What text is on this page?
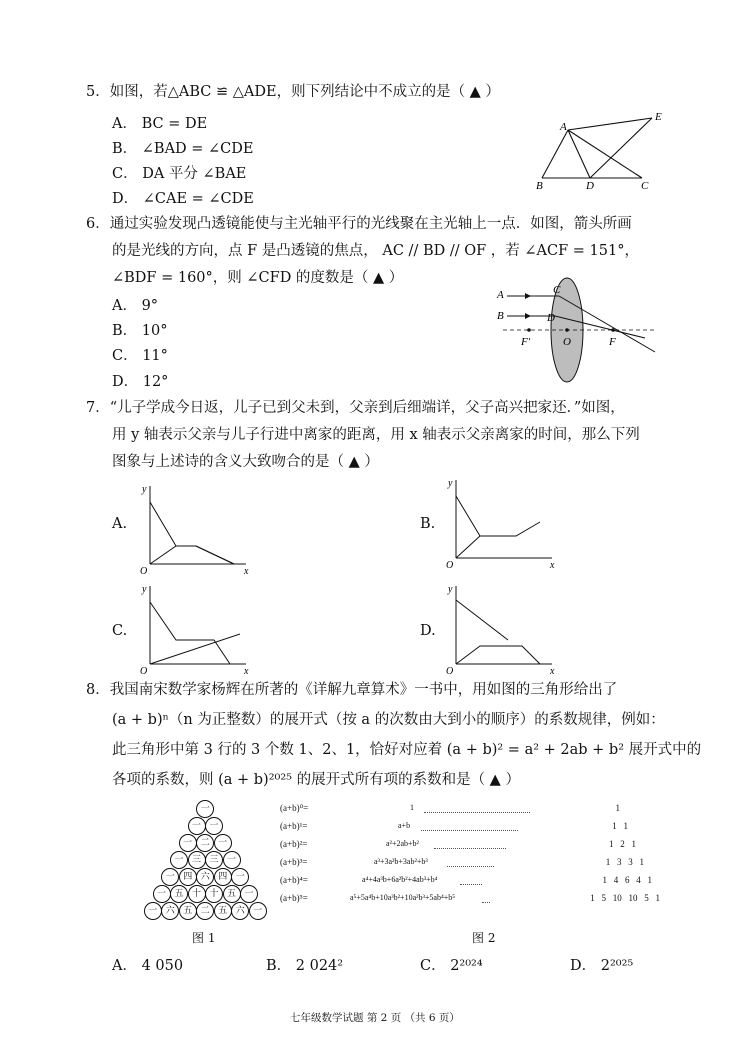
5．如图，若△ABC ≌ △ADE，则下列结论中不成立的是（ ▲ ）
A． BC = DE
B． ∠BAD = ∠CDE
C． DA 平分 ∠BAE
D． ∠CAE = ∠CDE
A
E
B	D	C
6．通过实验发现凸透镜能使与主光轴平行的光线聚在主光轴上一点．如图，箭头所画
的是光线的方向，点 F 是凸透镜的焦点， AC // BD // OF ，若 ∠ACF = 151°，
∠BDF = 160°，则 ∠CFD 的度数是（ ▲ ）
A． 9°
B． 10°
C． 11°
D． 12°
A
B
C
D
F′	O	F
7．“儿子学成今日返，儿子已到父未到，父亲到后细端详，父子高兴把家还．”如图，
用 y 轴表示父亲与儿子行进中离家的距离，用 x 轴表示父亲离家的时间，那么下列
图象与上述诗的含义大致吻合的是（ ▲ ）
A.	B.
C.	D.
y
x
O
y
x
O
y
x
O
y
x
O
8．我国南宋数学家杨辉在所著的《详解九章算术》一书中，用如图的三角形给出了
(a + b)ⁿ（n 为正整数）的展开式（按 a 的次数由大到小的顺序）的系数规律，例如：
此三角形中第 3 行的 3 个数 1、2、1，恰好对应着 (a + b)² = a² + 2ab + b² 展开式中的
各项的系数，则 (a + b)²⁰²⁵ 的展开式所有项的系数和是（ ▲ ）
一
一 一
一 二 一
一 三 三 一
一 四 六 四 一
一 五 十 十 五 一
一 六 五 二 五 六 一
图 1
(a+b)⁰=	1	1
(a+b)¹=	a+b	1   1
(a+b)²=	a²+2ab+b²	1   2   1
(a+b)³=	a³+3a²b+3ab²+b³	1   3   3   1
(a+b)⁴=	a⁴+4a³b+6a²b²+4ab³+b⁴	1   4   6   4   1
(a+b)⁵=	a⁵+5a⁴b+10a³b²+10a²b³+5ab⁴+b⁵	1   5   10   10   5   1
图 2
A． 4 050	B． 2 024²	C． 2²⁰²⁴	D． 2²⁰²⁵
七年级数学试题 第 2 页 （共 6 页）
